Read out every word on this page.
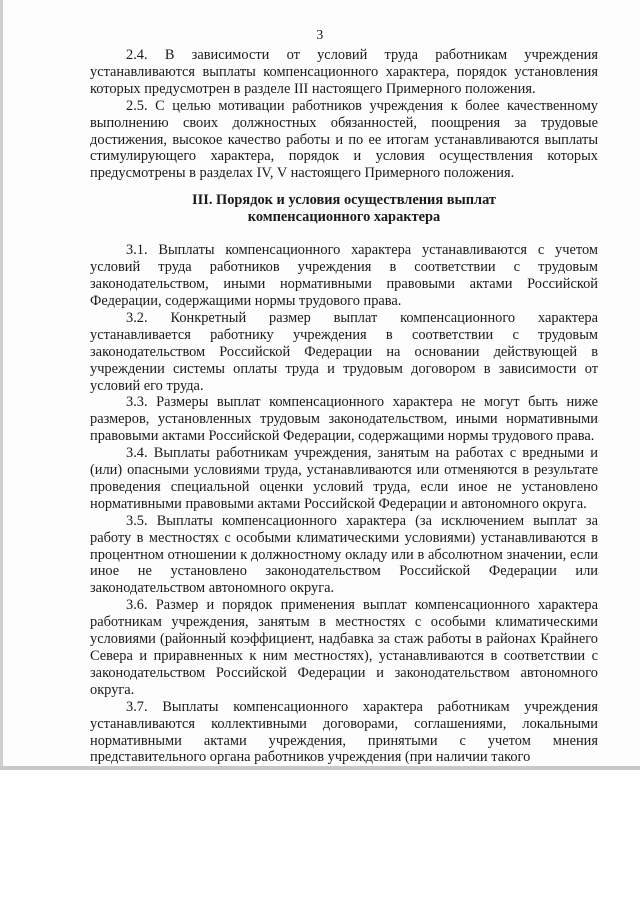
3

2.4. В зависимости от условий труда работникам учреждения устанавливаются выплаты компенсационного характера, порядок установления которых предусмотрен в разделе III настоящего Примерного положения.

2.5. С целью мотивации работников учреждения к более качественному выполнению своих должностных обязанностей, поощрения за трудовые достижения, высокое качество работы и по ее итогам устанавливаются выплаты стимулирующего характера, порядок и условия осуществления которых предусмотрены в разделах IV, V настоящего Примерного положения.

III. Порядок и условия осуществления выплат
компенсационного характера

3.1. Выплаты компенсационного характера устанавливаются с учетом условий труда работников учреждения в соответствии с трудовым законодательством, иными нормативными правовыми актами Российской Федерации, содержащими нормы трудового права.

3.2. Конкретный размер выплат компенсационного характера устанавливается работнику учреждения в соответствии с трудовым законодательством Российской Федерации на основании действующей в учреждении системы оплаты труда и трудовым договором в зависимости от условий его труда.

3.3. Размеры выплат компенсационного характера не могут быть ниже размеров, установленных трудовым законодательством, иными нормативными правовыми актами Российской Федерации, содержащими нормы трудового права.

3.4. Выплаты работникам учреждения, занятым на работах с вредными и (или) опасными условиями труда, устанавливаются или отменяются в результате проведения специальной оценки условий труда, если иное не установлено нормативными правовыми актами Российской Федерации и автономного округа.

3.5. Выплаты компенсационного характера (за исключением выплат за работу в местностях с особыми климатическими условиями) устанавливаются в процентном отношении к должностному окладу или в абсолютном значении, если иное не установлено законодательством Российской Федерации или законодательством автономного округа.

3.6. Размер и порядок применения выплат компенсационного характера работникам учреждения, занятым в местностях с особыми климатическими условиями (районный коэффициент, надбавка за стаж работы в районах Крайнего Севера и приравненных к ним местностях), устанавливаются в соответствии с законодательством Российской Федерации и законодательством автономного округа.

3.7. Выплаты компенсационного характера работникам учреждения устанавливаются коллективными договорами, соглашениями, локальными нормативными актами учреждения, принятыми с учетом мнения представительного органа работников учреждения (при наличии такого
